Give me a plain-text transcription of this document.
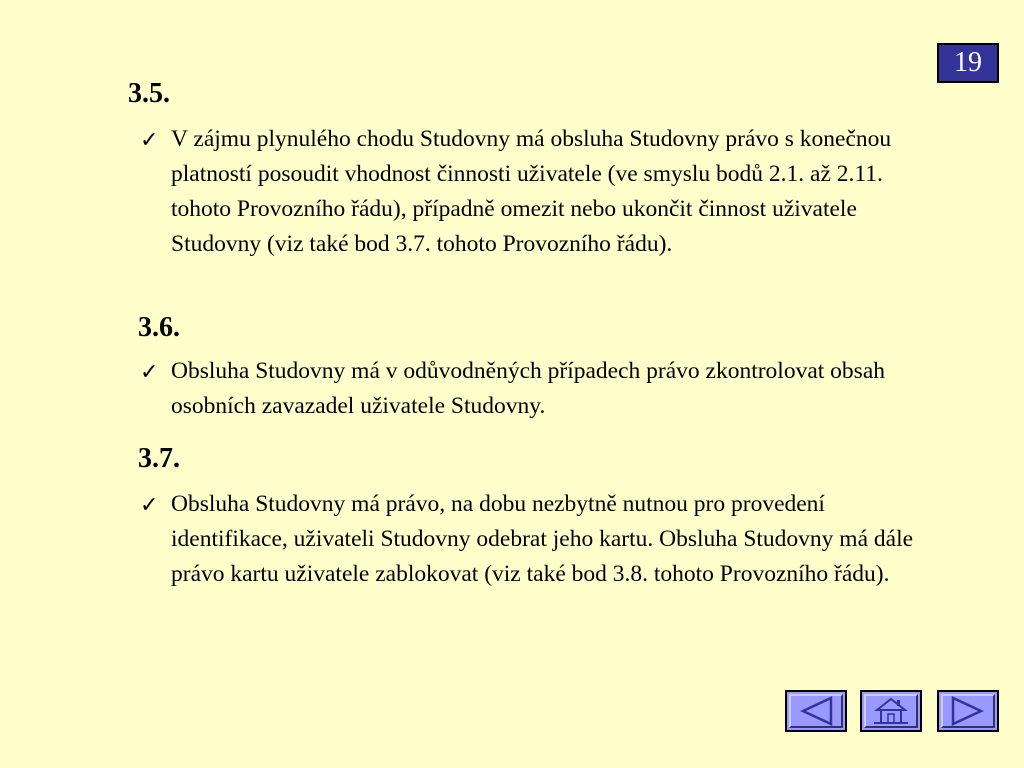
19
3.5.
✓ V zájmu plynulého chodu Studovny má obsluha Studovny právo s konečnou platností posoudit vhodnost činnosti uživatele (ve smyslu bodů 2.1. až 2.11. tohoto Provozního řádu), případně omezit nebo ukončit činnost uživatele Studovny (viz také bod 3.7. tohoto Provozního řádu).
3.6.
✓ Obsluha Studovny má v odůvodněných případech právo zkontrolovat obsah osobních zavazadel uživatele Studovny.
3.7.
✓ Obsluha Studovny má právo, na dobu nezbytně nutnou pro provedení identifikace, uživateli Studovny odebrat jeho kartu. Obsluha Studovny má dále právo kartu uživatele zablokovat (viz také bod 3.8. tohoto Provozního řádu).
